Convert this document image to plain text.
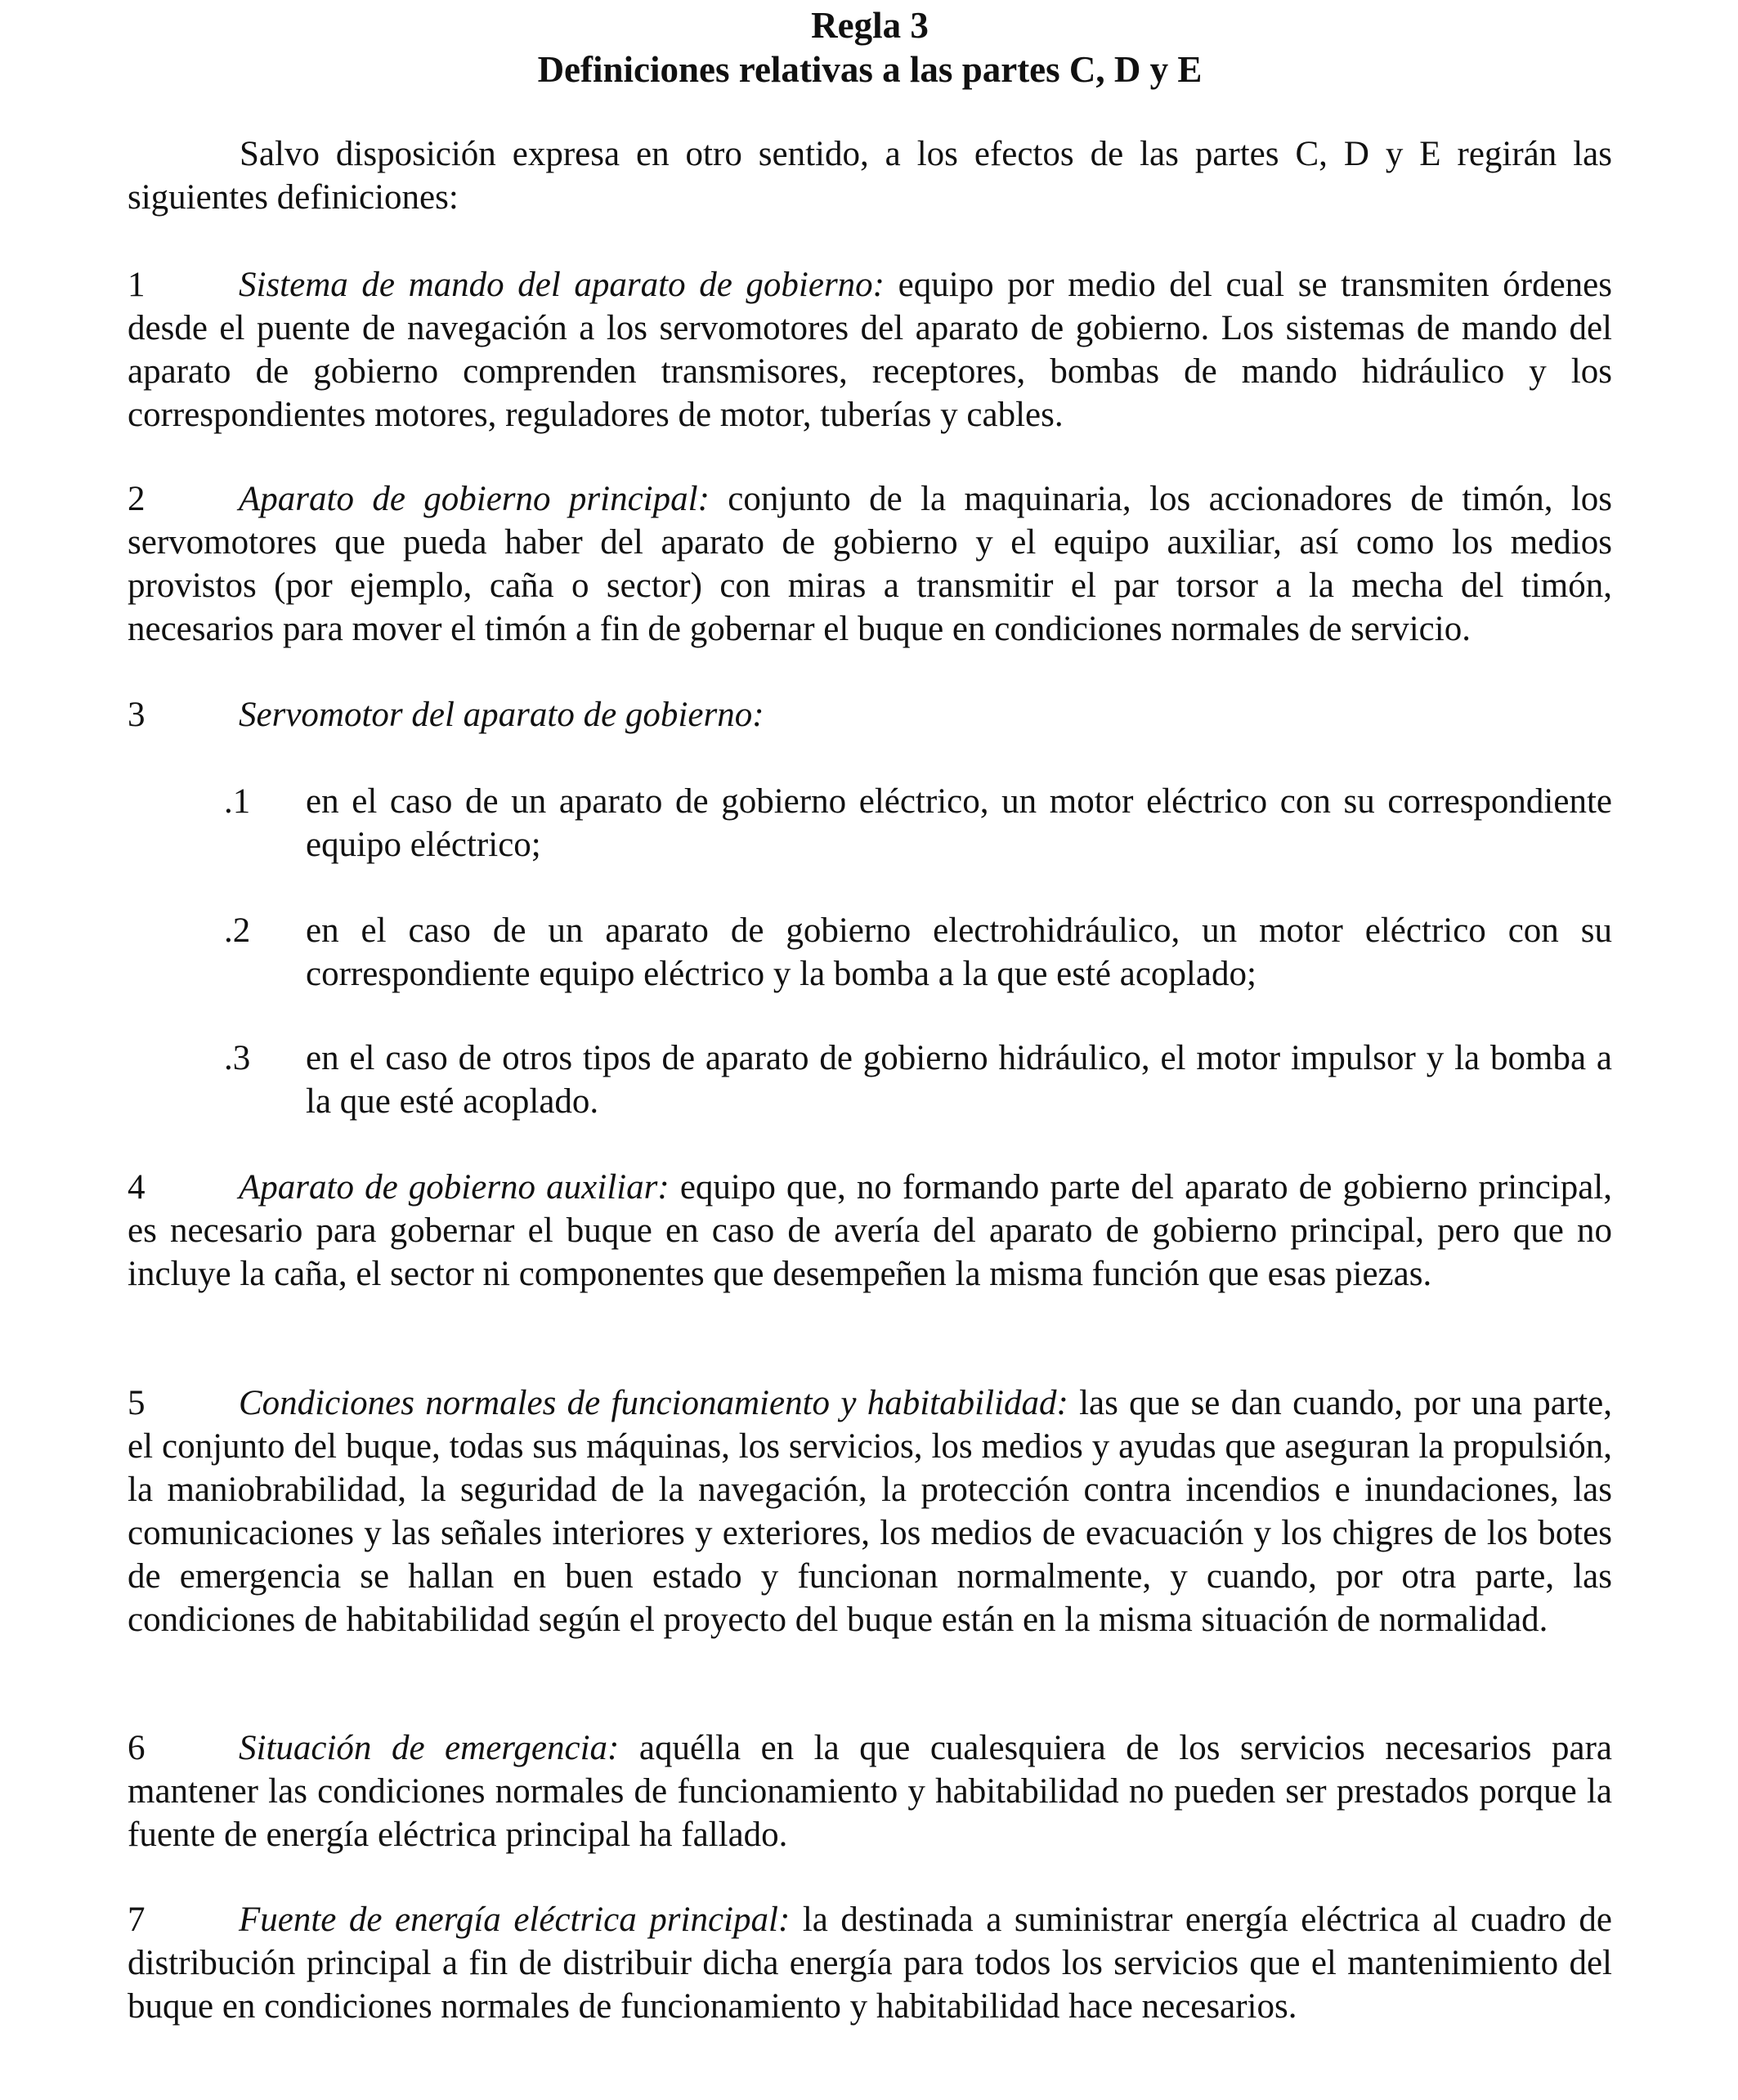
Regla 3
Definiciones relativas a las partes C, D y E

Salvo disposición expresa en otro sentido, a los efectos de las partes C, D y E regirán las siguientes definiciones:

1	Sistema de mando del aparato de gobierno: equipo por medio del cual se transmiten órdenes desde el puente de navegación a los servomotores del aparato de gobierno. Los sistemas de mando del aparato de gobierno comprenden transmisores, receptores, bombas de mando hidráulico y los correspondientes motores, reguladores de motor, tuberías y cables.

2	Aparato de gobierno principal: conjunto de la maquinaria, los accionadores de timón, los servomotores que pueda haber del aparato de gobierno y el equipo auxiliar, así como los medios provistos (por ejemplo, caña o sector) con miras a transmitir el par torsor a la mecha del timón, necesarios para mover el timón a fin de gobernar el buque en condiciones normales de servicio.

3	Servomotor del aparato de gobierno:

.1	en el caso de un aparato de gobierno eléctrico, un motor eléctrico con su correspondiente equipo eléctrico;
.2	en el caso de un aparato de gobierno electrohidráulico, un motor eléctrico con su correspondiente equipo eléctrico y la bomba a la que esté acoplado;
.3	en el caso de otros tipos de aparato de gobierno hidráulico, el motor impulsor y la bomba a la que esté acoplado.

4	Aparato de gobierno auxiliar: equipo que, no formando parte del aparato de gobierno principal, es necesario para gobernar el buque en caso de avería del aparato de gobierno principal, pero que no incluye la caña, el sector ni componentes que desempeñen la misma función que esas piezas.

5	Condiciones normales de funcionamiento y habitabilidad: las que se dan cuando, por una parte, el conjunto del buque, todas sus máquinas, los servicios, los medios y ayudas que aseguran la propulsión, la maniobrabilidad, la seguridad de la navegación, la protección contra incendios e inundaciones, las comunicaciones y las señales interiores y exteriores, los medios de evacuación y los chigres de los botes de emergencia se hallan en buen estado y funcionan normalmente, y cuando, por otra parte, las condiciones de habitabilidad según el proyecto del buque están en la misma situación de normalidad.

6	Situación de emergencia: aquélla en la que cualesquiera de los servicios necesarios para mantener las condiciones normales de funcionamiento y habitabilidad no pueden ser prestados porque la fuente de energía eléctrica principal ha fallado.

7	Fuente de energía eléctrica principal: la destinada a suministrar energía eléctrica al cuadro de distribución principal a fin de distribuir dicha energía para todos los servicios que el mantenimiento del buque en condiciones normales de funcionamiento y habitabilidad hace necesarios.
